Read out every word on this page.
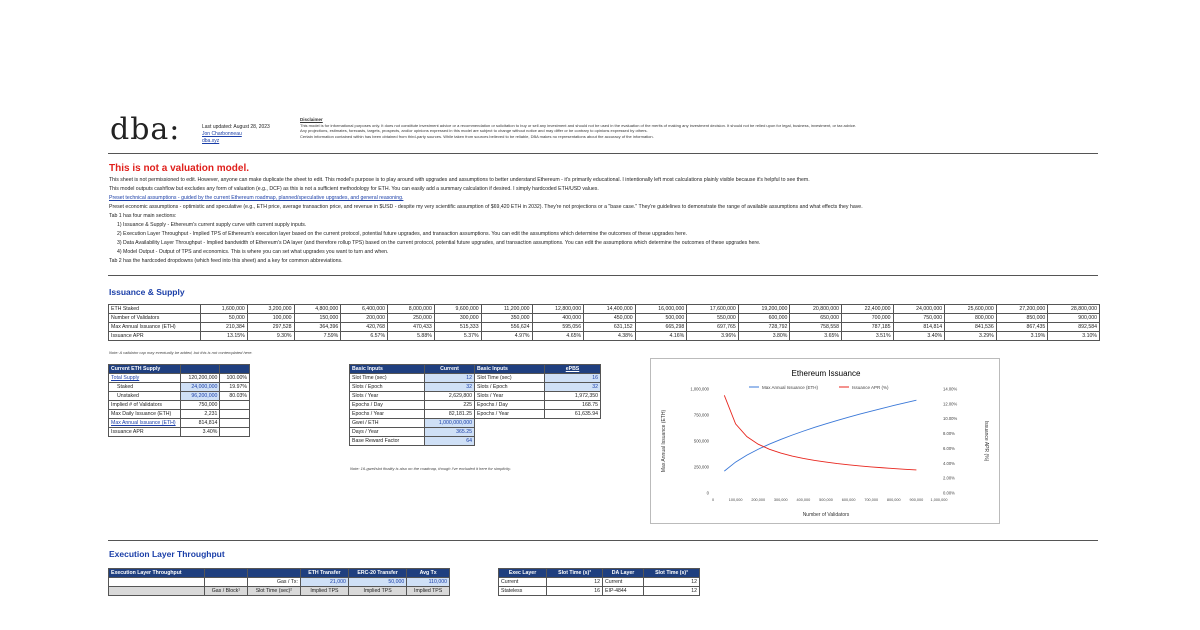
dba:	Last updated: August 28, 2023
Jon Charbonneau
dba.xyz
Disclaimer
This model is for informational purposes only. It does not constitute investment advice or a recommendation or solicitation to buy or sell any investment and should not be used in the evaluation of the merits of making any investment decision. It should not be relied upon for legal, business, investment, or tax advice.
Any projections, estimates, forecasts, targets, prospects, and/or opinions expressed in this model are subject to change without notice and may differ or be contrary to opinions expressed by others.
Certain information contained within has been obtained from third-party sources. While taken from sources believed to be reliable, DBA makes no representations about the accuracy of the information.
This is not a valuation model.
This sheet is not permissioned to edit. However, anyone can make duplicate the sheet to edit. This model's purpose is to play around with upgrades and assumptions to better understand Ethereum - it's primarily educational. I intentionally left most calculations plainly visible because it's helpful to see them.
This model outputs cashflow but excludes any form of valuation (e.g., DCF) as this is not a sufficient methodology for ETH. You can easily add a summary calculation if desired. I simply hardcoded ETH/USD values.
Preset technical assumptions - guided by the current Ethereum roadmap, planned/speculative upgrades, and general reasoning.
Preset economic assumptions - optimistic and speculative (e.g., ETH price, average transaction price, and revenue in $USD - despite my very scientific assumption of $69,420 ETH in 2032). They're not projections or a "base case." They're guidelines to demonstrate the range of available assumptions and what effects they have.
Tab 1 has four main sections:
1) Issuance & Supply - Ethereum's current supply curve with current supply inputs.
2) Execution Layer Throughput - Implied TPS of Ethereum's execution layer based on the current protocol, potential future upgrades, and transaction assumptions. You can edit the assumptions which determine the outcomes of these upgrades here.
3) Data Availability Layer Throughput - Implied bandwidth of Ethereum's DA layer (and therefore rollup TPS) based on the current protocol, potential future upgrades, and transaction assumptions. You can edit the assumptions which determine the outcomes of these upgrades here.
4) Model Output - Output of TPS and economics. This is where you can set what upgrades you want to turn and when.
Tab 2 has the hardcoded dropdowns (which feed into this sheet) and a key for common abbreviations.
Issuance & Supply
ETH Staked	1,600,000	3,200,000	4,800,000	6,400,000	8,000,000	9,600,000	11,200,000	12,800,000	14,400,000	16,000,000	17,600,000	19,200,000	20,800,000	22,400,000	24,000,000	25,600,000	27,200,000	28,800,000
Number of Validators	50,000	100,000	150,000	200,000	250,000	300,000	350,000	400,000	450,000	500,000	550,000	600,000	650,000	700,000	750,000	800,000	850,000	900,000
Max Annual Issuance (ETH)	210,384	297,528	364,396	420,768	470,433	515,333	556,624	595,056	631,152	665,298	697,765	728,792	758,558	787,185	814,814	841,536	867,435	892,584
Issuance APR	13.15%	9.30%	7.59%	6.57%	5.88%	5.37%	4.97%	4.65%	4.38%	4.16%	3.96%	3.80%	3.65%	3.51%	3.40%	3.29%	3.19%	3.10%
Note: A validator cap may eventually be added, but this is not contemplated here.
Current ETH Supply		
Total Supply	120,200,000	100.00%
Staked	24,000,000	19.97%
Unstaked	96,200,000	80.03%
Implied # of Validators	750,000	
Max Daily Issuance (ETH)	2,231	
Max Annual Issuance (ETH)	814,814	
Issuance APR	3.40%	
Basic Inputs	Current	Basic Inputs	ePBS
Slot Time (sec)	12	Slot Time (sec)	16
Slots / Epoch	32	Slots / Epoch	32
Slots / Year	2,629,800	Slots / Year	1,972,350
Epochs / Day	225	Epochs / Day	168.75
Epochs / Year	82,181.25	Epochs / Year	61,635.94
Gwei / ETH	1,000,000,000		
Days / Year	365.25		
Base Reward Factor	64		
Note: 16-gwei/slot finality is also on the roadmap, though I've excluded it here for simplicity.
Ethereum Issuance
Max Annual Issuance (ETH)	Issuance APR (%)
0
250,000
500,000
750,000
1,000,000
0.00%
2.00%
4.00%
6.00%
8.00%
10.00%
12.00%
14.00%
0	100,000 200,000 300,000 400,000 500,000 600,000 700,000 800,000 900,000 1,000,000
Number of Validators
Max Annual Issuance (ETH)	Issuance APR (%)
Execution Layer Throughput
Execution Layer Throughput			ETH Transfer	ERC-20 Transfer	Avg Tx
		Gas / Tx:	21,000	50,000	110,000
	Gas / Block¹	Slot Time (sec)²	Implied TPS	Implied TPS	Implied TPS
Exec Layer	Slot Time (s)³	DA Layer	Slot Time (s)³
Current	12	Current	12
Stateless	16	EIP-4844	12
